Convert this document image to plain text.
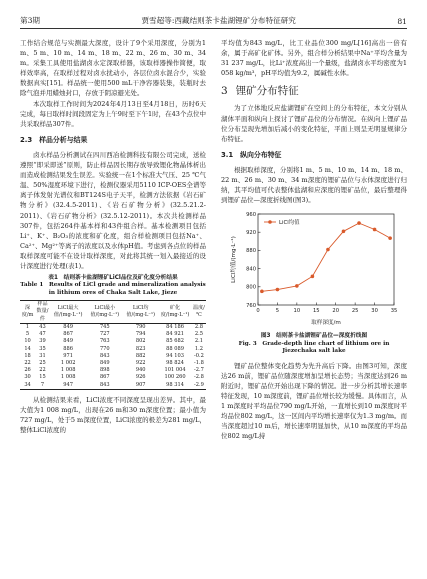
第3期	贾雪超等:西藏结则茶卡盐湖锂矿分布特征研究	81

工作结合规范与实测最大深度，设计了9个采用深度，分别为1 m、5 m、10 m、14 m、18 m、22 m、26 m、30 m、34 m。采集工具使用盐湖卤水定深取样器，该取样器操作简便，取样效率高，在取样过程对卤水扰动小，各层位卤水混合少，实验数据真实[15]。样品统一使用500 mL干净容器装集，装瓶时去除气泡并用蜡烛封口，存放于阴凉避光处。

本次取样工作时间为2024年4月13日至4月18日，历时6天完成，每日取样时间段固定为上午9时至下午1时，在43个点位中共采取样品307件。

2.3　样品分析与结果

卤水样品分析测试在四川西冶检测科技有限公司完成，送检遵照“即采即送”原则，防止样品因长期存放导致锂化物晶体析出而造成检测结果发生误差。实验统一在1个标准大气压、25 ℃气温、50%湿度环境下进行，检测仪器采用5110 ICP-OES全谱等离子体发射光谱仪和BT124S电子天平，检测方法依据《岩石矿物分析》(32.4.5-2011)、《岩石矿物分析》(32.5.21.2-2011)、《岩石矿物分析》(32.5.12-2011)。本次共检测样品307件，包括264件基本样和43件组合样。基本检测项目包括Li⁺、K⁺、B₂O₃的浓度和矿化度，组合样检测项目包括Na⁺、Ca²⁺、Mg²⁺等离子的浓度以及水体pH值。考虑到各点位的样品取样深度可能不在设计取样深度，对此将其统一划入最接近的设计深度进行处理(表1)。

表1　结则茶卡盐湖锂矿LiCl品位及矿化度分析结果
Table 1　Results of LiCl grade and mineralization analysis in lithium ores of Chaka Salt Lake, Jieze
深度/m	样品数量/件	LiCl最大值/(mg·L⁻¹)	LiCl最小值/(mg·L⁻¹)	LiCl均值/(mg·L⁻¹)	矿化度/(mg·L⁻¹)	温度/℃
1	43	849	745	790	84 186	2.8
5	47	867	727	794	84 921	2.5
10	39	849	763	802	85 682	2.1
14	35	886	770	823	88 089	1.2
18	31	971	843	882	94 103	-0.2
22	25	1 002	849	922	98 824	-1.8
26	22	1 008	898	940	101 004	-2.7
30	15	1 008	867	926	100 260	-2.8
34	7	947	843	907	98 314	-2.9

从检测结果来看，LiCl浓度不同深度呈现出差异。其中，最大值为1 008 mg/L，出现在26 m和30 m深度位置；最小值为727 mg/L，处于5 m深度位置，LiCl浓度的极差为281 mg/L，整体LiCl浓度的

平均值为843 mg/L，比工业品位300 mg/L[16]高出一倍有余，属于高矿化矿体。另外，组合样分析结果中Na⁺平均含量为31 237 mg/L，比Li⁺浓度高出一个量级，盐湖卤水平均密度为1 058 kg/m³，pH平均值为9.2，属碱性水体。

3 锂矿分布特征

为了立体地反应盐湖锂矿在空间上的分布特征，本文分别从湖体平面和纵向上探讨了锂矿品位的分布情况。在纵向上锂矿品位分布呈现先增加后减小的变化特征，平面上则呈无明显规律分布特征。

3.1　纵向分布特征

根据取样深度，分别将1 m、5 m、10 m、14 m、18 m、22 m、26 m、30 m、34 m深度的锂矿品位与水体深度进行归纳，其平均值可代表整体盐湖和应深度的锂矿品位，最后整理得到锂矿品位—深度折线图(图3)。

0	5	10 15 20 25 30 35
760
800
840
880
920
960
取样深度/m
LiCl均值/(mg·L⁻¹)
LiCl均值
图3　结则茶卡盐湖锂矿品位—深度折线图
Fig. 3　Grade-depth line chart of lithium ore in Jiezechaka salt lake

锂矿品位整体变化趋势为先升高后下降。由图3可知，深度达26 m前，锂矿品位随深度增加呈增长态势；当深度达到26 m附近时，锂矿品位开始出现下降的情况。进一步分析其增长速率特征发现，10 m深度前，锂矿品位增长较为缓慢。具体而言，从1 m深度时平均品位790 mg/L开始，一直增长到10 m深度时平均品位802 mg/L，这一区间内平均增长速率仅为1.3 mg/m。而当深度超过10 m后，增长速率明显加快，从10 m深度的平均品位802 mg/L持
